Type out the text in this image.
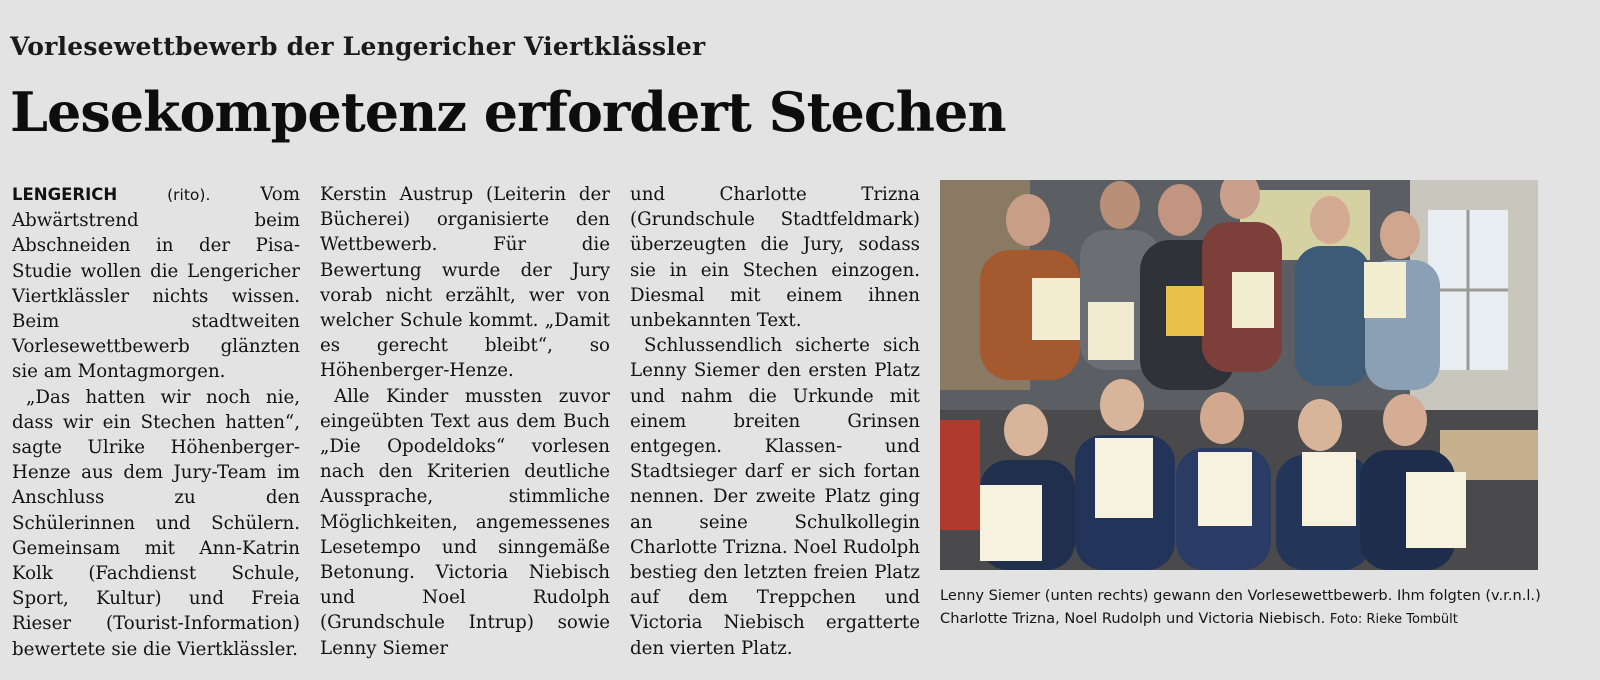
Vorlesewettbewerb der Lengericher Viertklässler
Lesekompetenz erfordert Stechen

LENGERICH	(rito).	Vom Abwärtstrend beim Abschneiden in der Pisa-Studie wollen die Lengericher Viertklässler nichts wissen. Beim stadtweiten Vorlesewettbewerb glänzten sie am Montagmorgen.

„Das hatten wir noch nie, dass wir ein Stechen hatten“, sagte Ulrike Höhenberger-Henze aus dem Jury-Team im Anschluss zu den Schülerinnen und Schülern. Gemeinsam mit Ann-Katrin Kolk (Fachdienst Schule, Sport, Kultur) und Freia Rieser (Tourist-Information) bewertete sie die Viertklässler.

Kerstin Austrup (Leiterin der Bücherei) organisierte den Wettbewerb. Für die Bewertung wurde der Jury vorab nicht erzählt, wer von welcher Schule kommt. „Damit es gerecht bleibt“, so Höhenberger-Henze.

Alle Kinder mussten zuvor eingeübten Text aus dem Buch „Die Opodeldoks“ vorlesen nach den Kriterien deutliche Aussprache, stimmliche Möglichkeiten, angemessenes Lesetempo und sinngemäße Betonung. Victoria Niebisch und Noel Rudolph (Grundschule Intrup) sowie Lenny Siemer

und Charlotte Trizna (Grundschule Stadtfeldmark) überzeugten die Jury, sodass sie in ein Stechen einzogen. Diesmal mit einem ihnen unbekannten Text.

Schlussendlich sicherte sich Lenny Siemer den ersten Platz und nahm die Urkunde mit einem breiten Grinsen entgegen. Klassen- und Stadtsieger darf er sich fortan nennen. Der zweite Platz ging an seine Schulkollegin Charlotte Trizna. Noel Rudolph bestieg den letzten freien Platz auf dem Treppchen und Victoria Niebisch ergatterte den vierten Platz.

Lenny Siemer (unten rechts) gewann den Vorlesewettbewerb. Ihm folgten (v.r.n.l.) Charlotte Trizna, Noel Rudolph und Victoria Niebisch. Foto: Rieke Tombült
